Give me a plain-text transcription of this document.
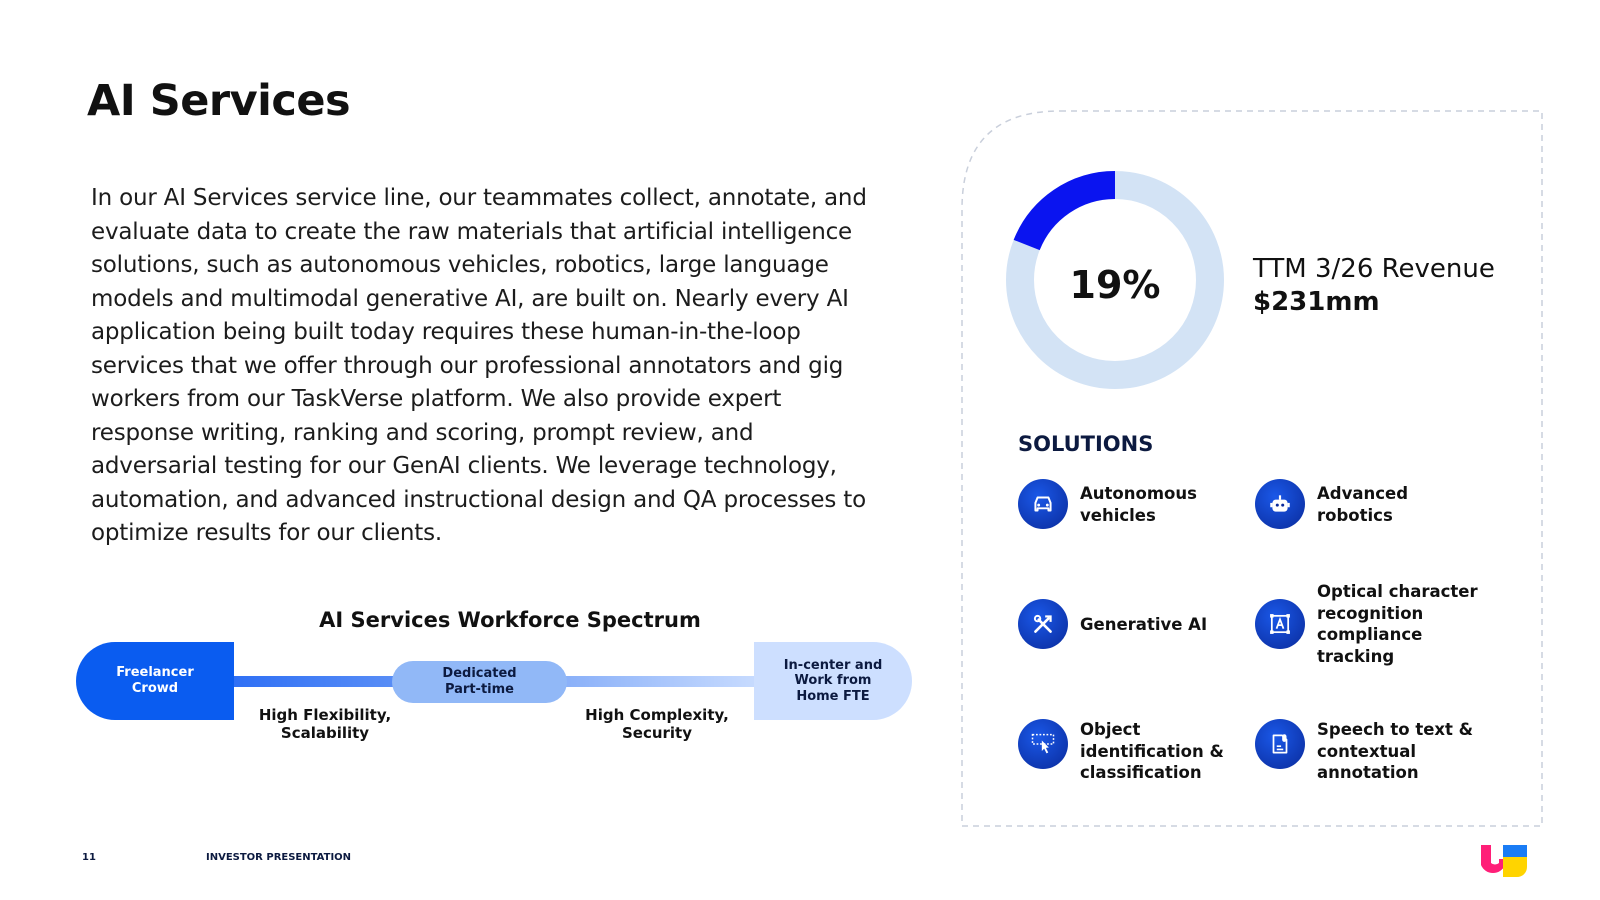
AI Services

In our AI Services service line, our teammates collect, annotate, and evaluate data to create the raw materials that artificial intelligence solutions, such as autonomous vehicles, robotics, large language models and multimodal generative AI, are built on. Nearly every AI application being built today requires these human-in-the-loop services that we offer through our professional annotators and gig workers from our TaskVerse platform. We also provide expert response writing, ranking and scoring, prompt review, and adversarial testing for our GenAI clients. We leverage technology, automation, and advanced instructional design and QA processes to optimize results for our clients.

AI Services Workforce Spectrum
Freelancer Crowd
Dedicated Part-time
In-center and Work from Home FTE
High Flexibility, Scalability
High Complexity, Security
19%	TTM 3/26 Revenue
$231mm
SOLUTIONS
Autonomous vehicles
Advanced robotics
Generative AI
Optical character recognition compliance tracking
Object identification & classification
Speech to text & contextual annotation
11	INVESTOR PRESENTATION
